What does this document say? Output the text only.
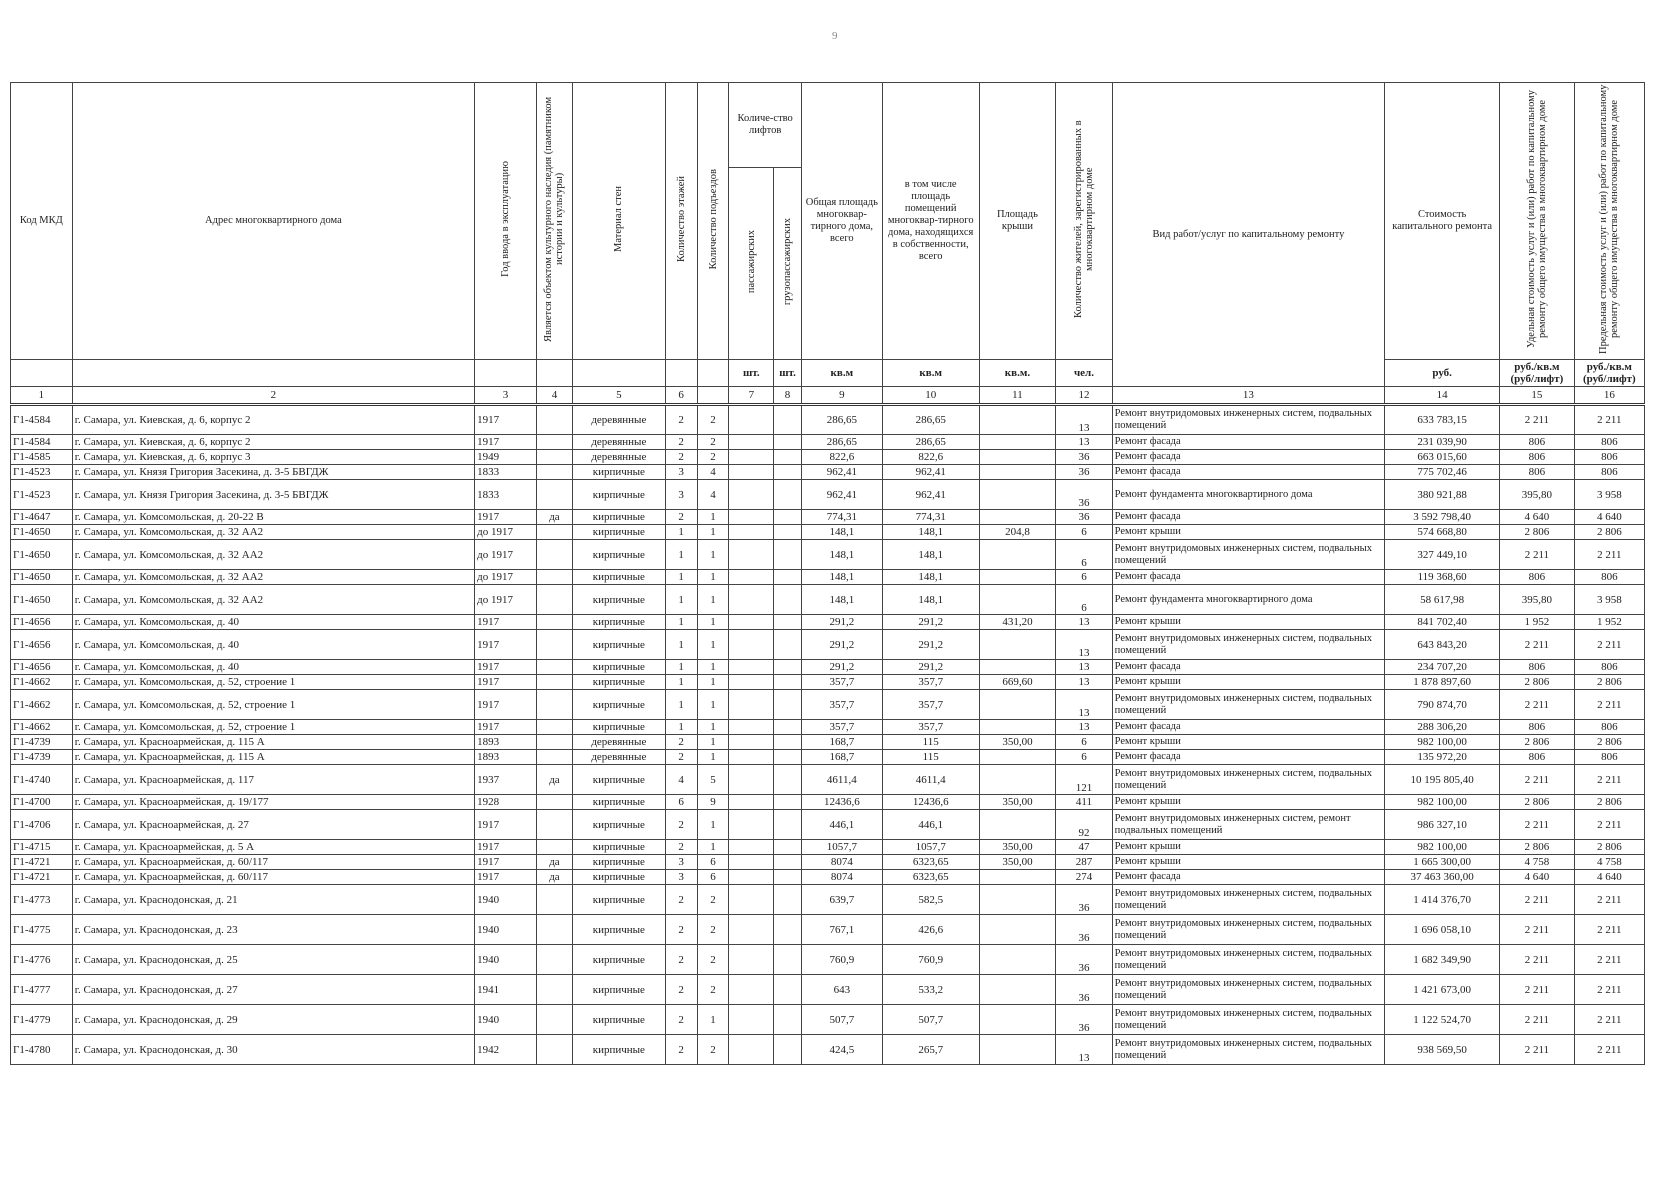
9
Код МКД	Адрес многоквартирного дома	Год ввода в эксплуатацию	Является объектом культурного наследия (памятником истории и культуры)	Материал стен	Количество этажей	Количество подъездов	Количе-ство лифтов		Общая площадь многоквар-тирного дома, всего	в том числе площадь помещений многоквар-тирного дома, находящихся в собственности, всего	Площадь крыши	Количество жителей, зарегистрированных в многоквартирном доме	Вид работ/услуг по капитальному ремонту	Стоимость капитального ремонта	Удельная стоимость услуг и (или) работ по капитальному ремонту общего имущества в многоквартирном доме	Предельная стоимость услуг и (или) работ по капитальному ремонту общего имущества в многоквартирном доме
							пассажирских	грузопассажирских								
							шт.	шт.	кв.м	кв.м	кв.м.	чел.		руб.	руб./кв.м (руб/лифт)	руб./кв.м (руб/лифт)
1	2	3	4	5	6		7	8	9	10	11	12	13	14	15	16
Г1-4584	г. Самара, ул. Киевская, д. 6, корпус 2	1917		деревянные	2	2			286,65	286,65		13	Ремонт внутридомовых инженерных систем, подвальных помещений	633 783,15	2 211	2 211
Г1-4584	г. Самара, ул. Киевская, д. 6, корпус 2	1917		деревянные	2	2			286,65	286,65		13	Ремонт фасада	231 039,90	806	806
Г1-4585	г. Самара, ул. Киевская, д. 6, корпус 3	1949		деревянные	2	2			822,6	822,6		36	Ремонт фасада	663 015,60	806	806
Г1-4523	г. Самара, ул. Князя Григория Засекина, д. 3-5 БВГДЖ	1833		кирпичные	3	4			962,41	962,41		36	Ремонт фасада	775 702,46	806	806
Г1-4523	г. Самара, ул. Князя Григория Засекина, д. 3-5 БВГДЖ	1833		кирпичные	3	4			962,41	962,41		36	Ремонт фундамента многоквартирного дома	380 921,88	395,80	3 958
Г1-4647	г. Самара, ул. Комсомольская, д. 20-22 В	1917	да	кирпичные	2	1			774,31	774,31		36	Ремонт фасада	3 592 798,40	4 640	4 640
Г1-4650	г. Самара, ул. Комсомольская, д. 32 АА2	до 1917		кирпичные	1	1			148,1	148,1	204,8	6	Ремонт крыши	574 668,80	2 806	2 806
Г1-4650	г. Самара, ул. Комсомольская, д. 32 АА2	до 1917		кирпичные	1	1			148,1	148,1		6	Ремонт внутридомовых инженерных систем, подвальных помещений	327 449,10	2 211	2 211
Г1-4650	г. Самара, ул. Комсомольская, д. 32 АА2	до 1917		кирпичные	1	1			148,1	148,1		6	Ремонт фасада	119 368,60	806	806
Г1-4650	г. Самара, ул. Комсомольская, д. 32 АА2	до 1917		кирпичные	1	1			148,1	148,1		6	Ремонт фундамента многоквартирного дома	58 617,98	395,80	3 958
Г1-4656	г. Самара, ул. Комсомольская, д. 40	1917		кирпичные	1	1			291,2	291,2	431,20	13	Ремонт крыши	841 702,40	1 952	1 952
Г1-4656	г. Самара, ул. Комсомольская, д. 40	1917		кирпичные	1	1			291,2	291,2		13	Ремонт внутридомовых инженерных систем, подвальных помещений	643 843,20	2 211	2 211
Г1-4656	г. Самара, ул. Комсомольская, д. 40	1917		кирпичные	1	1			291,2	291,2		13	Ремонт фасада	234 707,20	806	806
Г1-4662	г. Самара, ул. Комсомольская, д. 52, строение 1	1917		кирпичные	1	1			357,7	357,7	669,60	13	Ремонт крыши	1 878 897,60	2 806	2 806
Г1-4662	г. Самара, ул. Комсомольская, д. 52, строение 1	1917		кирпичные	1	1			357,7	357,7		13	Ремонт внутридомовых инженерных систем, подвальных помещений	790 874,70	2 211	2 211
Г1-4662	г. Самара, ул. Комсомольская, д. 52, строение 1	1917		кирпичные	1	1			357,7	357,7		13	Ремонт фасада	288 306,20	806	806
Г1-4739	г. Самара, ул. Красноармейская, д. 115 А	1893		деревянные	2	1			168,7	115	350,00	6	Ремонт крыши	982 100,00	2 806	2 806
Г1-4739	г. Самара, ул. Красноармейская, д. 115 А	1893		деревянные	2	1			168,7	115		6	Ремонт фасада	135 972,20	806	806
Г1-4740	г. Самара, ул. Красноармейская, д. 117	1937	да	кирпичные	4	5			4611,4	4611,4		121	Ремонт внутридомовых инженерных систем, подвальных помещений	10 195 805,40	2 211	2 211
Г1-4700	г. Самара, ул. Красноармейская, д. 19/177	1928		кирпичные	6	9			12436,6	12436,6	350,00	411	Ремонт крыши	982 100,00	2 806	2 806
Г1-4706	г. Самара, ул. Красноармейская, д. 27	1917		кирпичные	2	1			446,1	446,1		92	Ремонт внутридомовых инженерных систем, ремонт подвальных помещений	986 327,10	2 211	2 211
Г1-4715	г. Самара, ул. Красноармейская, д. 5 А	1917		кирпичные	2	1			1057,7	1057,7	350,00	47	Ремонт крыши	982 100,00	2 806	2 806
Г1-4721	г. Самара, ул. Красноармейская, д. 60/117	1917	да	кирпичные	3	6			8074	6323,65	350,00	287	Ремонт крыши	1 665 300,00	4 758	4 758
Г1-4721	г. Самара, ул. Красноармейская, д. 60/117	1917	да	кирпичные	3	6			8074	6323,65		274	Ремонт фасада	37 463 360,00	4 640	4 640
Г1-4773	г. Самара, ул. Краснодонская, д. 21	1940		кирпичные	2	2			639,7	582,5		36	Ремонт внутридомовых инженерных систем, подвальных помещений	1 414 376,70	2 211	2 211
Г1-4775	г. Самара, ул. Краснодонская, д. 23	1940		кирпичные	2	2			767,1	426,6		36	Ремонт внутридомовых инженерных систем, подвальных помещений	1 696 058,10	2 211	2 211
Г1-4776	г. Самара, ул. Краснодонская, д. 25	1940		кирпичные	2	2			760,9	760,9		36	Ремонт внутридомовых инженерных систем, подвальных помещений	1 682 349,90	2 211	2 211
Г1-4777	г. Самара, ул. Краснодонская, д. 27	1941		кирпичные	2	2			643	533,2		36	Ремонт внутридомовых инженерных систем, подвальных помещений	1 421 673,00	2 211	2 211
Г1-4779	г. Самара, ул. Краснодонская, д. 29	1940		кирпичные	2	1			507,7	507,7		36	Ремонт внутридомовых инженерных систем, подвальных помещений	1 122 524,70	2 211	2 211
Г1-4780	г. Самара, ул. Краснодонская, д. 30	1942		кирпичные	2	2			424,5	265,7		13	Ремонт внутридомовых инженерных систем, подвальных помещений	938 569,50	2 211	2 211
